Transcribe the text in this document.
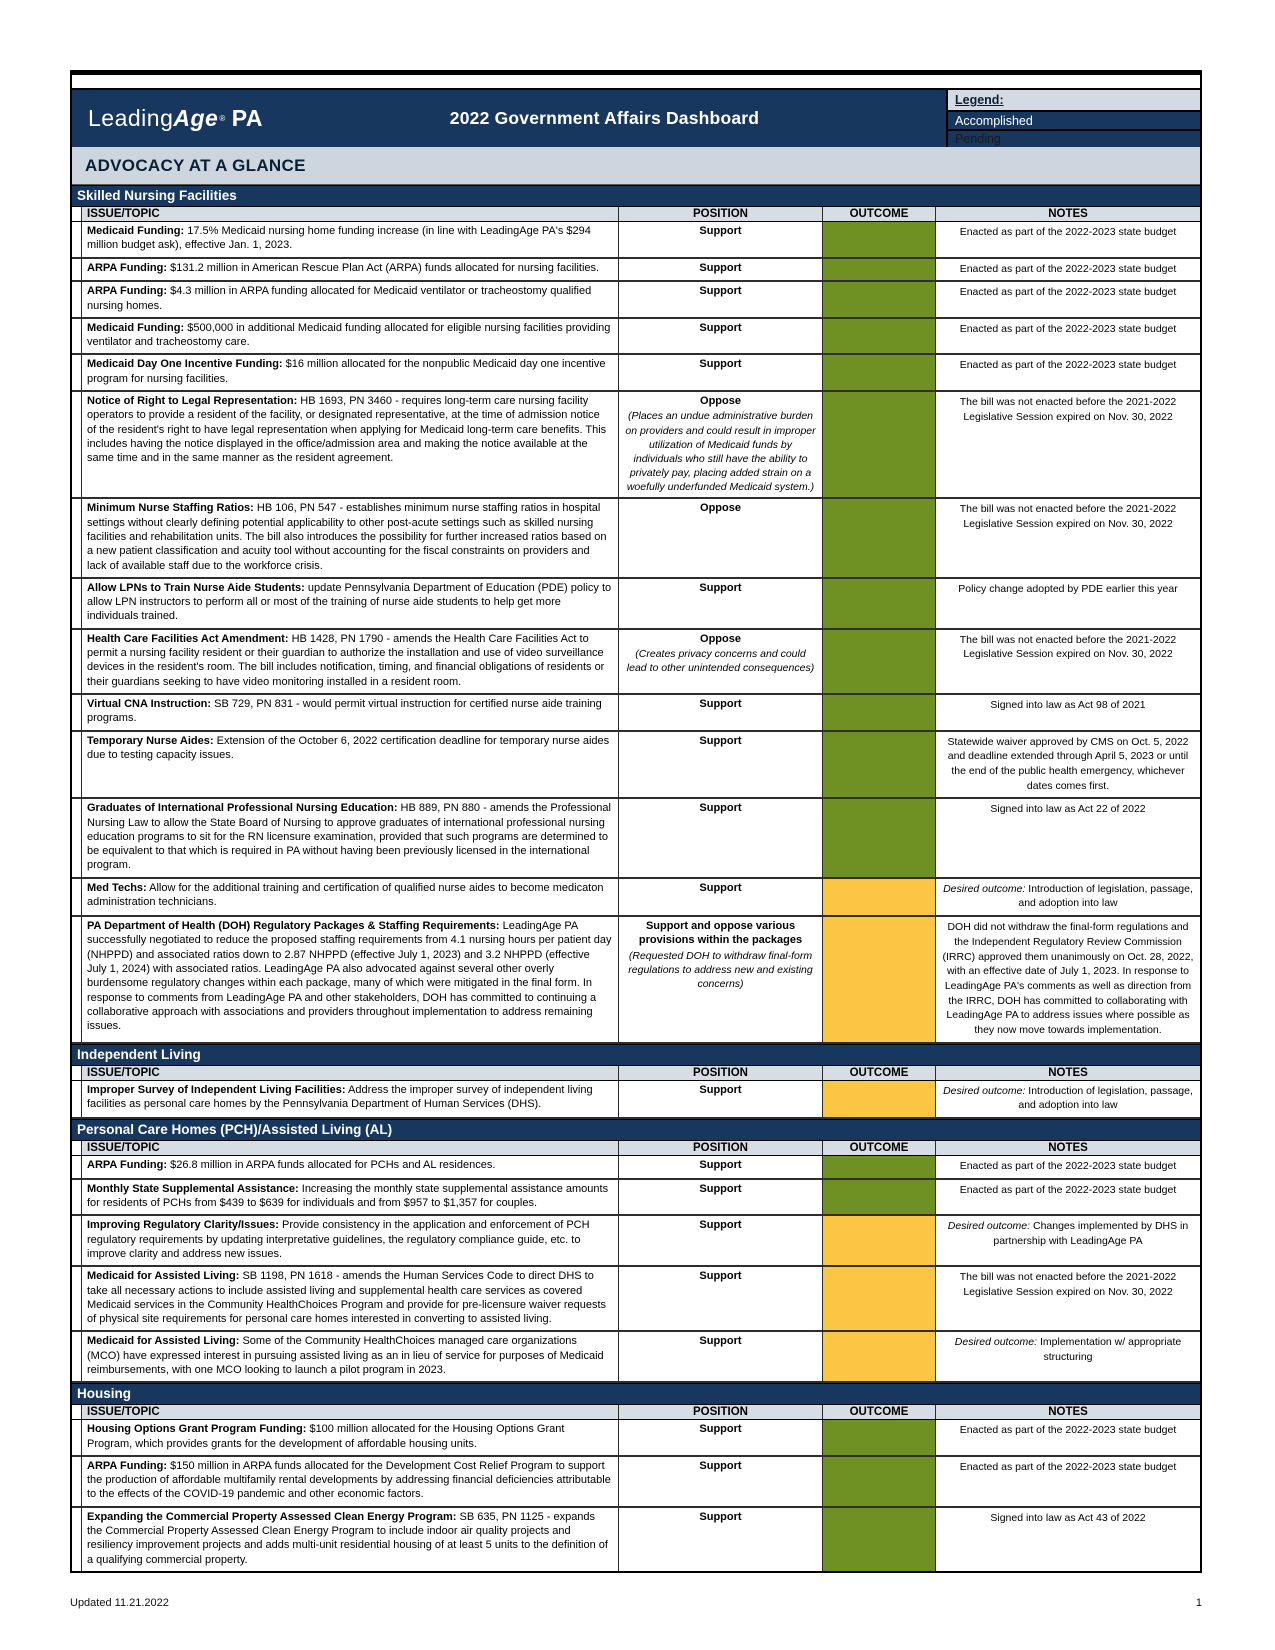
Leading Age ® PA	2022 Government Affairs Dashboard
Legend:
Accomplished
Pending
ADVOCACY AT A GLANCE
Skilled Nursing Facilities
ISSUE/TOPIC	POSITION	OUTCOME	NOTES
Medicaid Funding: 17.5% Medicaid nursing home funding increase (in line with LeadingAge PA's $294 million budget ask), effective Jan. 1, 2023.
Support	Enacted as part of the 2022-2023 state budget
ARPA Funding: $131.2 million in American Rescue Plan Act (ARPA) funds allocated for nursing facilities.	Support	Enacted as part of the 2022-2023 state budget
ARPA Funding: $4.3 million in ARPA funding allocated for Medicaid ventilator or tracheostomy qualified nursing homes.
Support	Enacted as part of the 2022-2023 state budget
Medicaid Funding: $500,000 in additional Medicaid funding allocated for eligible nursing facilities providing ventilator and tracheostomy care.
Support	Enacted as part of the 2022-2023 state budget
Medicaid Day One Incentive Funding: $16 million allocated for the nonpublic Medicaid day one incentive program for nursing facilities.
Support	Enacted as part of the 2022-2023 state budget
Notice of Right to Legal Representation: HB 1693, PN 3460 - requires long-term care nursing facility operators to provide a resident of the facility, or designated representative, at the time of admission notice of the resident's right to have legal representation when applying for Medicaid long-term care benefits. This includes having the notice displayed in the office/admission area and making the notice available at the same time and in the same manner as the resident agreement.
Oppose
(Places an undue administrative burden on providers and could result in improper utilization of Medicaid funds by individuals who still have the ability to privately pay, placing added strain on a woefully underfunded Medicaid system.)
The bill was not enacted before the 2021-2022 Legislative Session expired on Nov. 30, 2022
Minimum Nurse Staffing Ratios: HB 106, PN 547 - establishes minimum nurse staffing ratios in hospital settings without clearly defining potential applicability to other post-acute settings such as skilled nursing facilities and rehabilitation units. The bill also introduces the possibility for further increased ratios based on a new patient classification and acuity tool without accounting for the fiscal constraints on providers and lack of available staff due to the workforce crisis.
Oppose	The bill was not enacted before the 2021-2022 Legislative Session expired on Nov. 30, 2022
Allow LPNs to Train Nurse Aide Students: update Pennsylvania Department of Education (PDE) policy to allow LPN instructors to perform all or most of the training of nurse aide students to help get more individuals trained.
Support	Policy change adopted by PDE earlier this year
Health Care Facilities Act Amendment: HB 1428, PN 1790 - amends the Health Care Facilities Act to permit a nursing facility resident or their guardian to authorize the installation and use of video surveillance devices in the resident's room. The bill includes notification, timing, and financial obligations of residents or their guardians seeking to have video monitoring installed in a resident room.
Oppose
(Creates privacy concerns and could lead to other unintended consequences)
The bill was not enacted before the 2021-2022 Legislative Session expired on Nov. 30, 2022
Virtual CNA Instruction: SB 729, PN 831 - would permit virtual instruction for certified nurse aide training programs.
Support	Signed into law as Act 98 of 2021
Temporary Nurse Aides: Extension of the October 6, 2022 certification deadline for temporary nurse aides due to testing capacity issues.
Support	Statewide waiver approved by CMS on Oct. 5, 2022 and deadline extended through April 5, 2023 or until the end of the public health emergency, whichever dates comes first.
Graduates of International Professional Nursing Education: HB 889, PN 880 - amends the Professional Nursing Law to allow the State Board of Nursing to approve graduates of international professional nursing education programs to sit for the RN licensure examination, provided that such programs are determined to be equivalent to that which is required in PA without having been previously licensed in the international program.
Support	Signed into law as Act 22 of 2022
Med Techs: Allow for the additional training and certification of qualified nurse aides to become medicaton administration technicians.
Support	Desired outcome: Introduction of legislation, passage, and adoption into law
PA Department of Health (DOH) Regulatory Packages & Staffing Requirements: LeadingAge PA successfully negotiated to reduce the proposed staffing requirements from 4.1 nursing hours per patient day (NHPPD) and associated ratios down to 2.87 NHPPD (effective July 1, 2023) and 3.2 NHPPD (effective July 1, 2024) with associated ratios. LeadingAge PA also advocated against several other overly burdensome regulatory changes within each package, many of which were mitigated in the final form. In response to comments from LeadingAge PA and other stakeholders, DOH has committed to continuing a collaborative approach with associations and providers throughout implementation to address remaining issues.
Support and oppose various provisions within the packages
(Requested DOH to withdraw final-form regulations to address new and existing concerns)
DOH did not withdraw the final-form regulations and the Independent Regulatory Review Commission (IRRC) approved them unanimously on Oct. 28, 2022, with an effective date of July 1, 2023. In response to LeadingAge PA's comments as well as direction from the IRRC, DOH has committed to collaborating with LeadingAge PA to address issues where possible as they now move towards implementation.
Independent Living
ISSUE/TOPIC	POSITION	OUTCOME	NOTES
Improper Survey of Independent Living Facilities: Address the improper survey of independent living facilities as personal care homes by the Pennsylvania Department of Human Services (DHS).
Support	Desired outcome: Introduction of legislation, passage, and adoption into law
Personal Care Homes (PCH)/Assisted Living (AL)
ISSUE/TOPIC	POSITION	OUTCOME	NOTES
ARPA Funding: $26.8 million in ARPA funds allocated for PCHs and AL residences.	Support	Enacted as part of the 2022-2023 state budget
Monthly State Supplemental Assistance: Increasing the monthly state supplemental assistance amounts for residents of PCHs from $439 to $639 for individuals and from $957 to $1,357 for couples.
Support	Enacted as part of the 2022-2023 state budget
Improving Regulatory Clarity/Issues: Provide consistency in the application and enforcement of PCH regulatory requirements by updating interpretative guidelines, the regulatory compliance guide, etc. to improve clarity and address new issues.
Support	Desired outcome: Changes implemented by DHS in partnership with LeadingAge PA
Medicaid for Assisted Living: SB 1198, PN 1618 - amends the Human Services Code to direct DHS to take all necessary actions to include assisted living and supplemental health care services as covered Medicaid services in the Community HealthChoices Program and provide for pre-licensure waiver requests of physical site requirements for personal care homes interested in converting to assisted living.
Support	The bill was not enacted before the 2021-2022 Legislative Session expired on Nov. 30, 2022
Medicaid for Assisted Living: Some of the Community HealthChoices managed care organizations (MCO) have expressed interest in pursuing assisted living as an in lieu of service for purposes of Medicaid reimbursements, with one MCO looking to launch a pilot program in 2023.
Support	Desired outcome: Implementation w/ appropriate structuring
Housing
ISSUE/TOPIC	POSITION	OUTCOME	NOTES
Housing Options Grant Program Funding: $100 million allocated for the Housing Options Grant Program, which provides grants for the development of affordable housing units.
Support	Enacted as part of the 2022-2023 state budget
ARPA Funding: $150 million in ARPA funds allocated for the Development Cost Relief Program to support the production of affordable multifamily rental developments by addressing financial deficiencies attributable to the effects of the COVID-19 pandemic and other economic factors.
Support	Enacted as part of the 2022-2023 state budget
Expanding the Commercial Property Assessed Clean Energy Program: SB 635, PN 1125 - expands the Commercial Property Assessed Clean Energy Program to include indoor air quality projects and resiliency improvement projects and adds multi-unit residential housing of at least 5 units to the definition of a qualifying commercial property.
Support	Signed into law as Act 43 of 2022
Updated 11.21.2022	1
